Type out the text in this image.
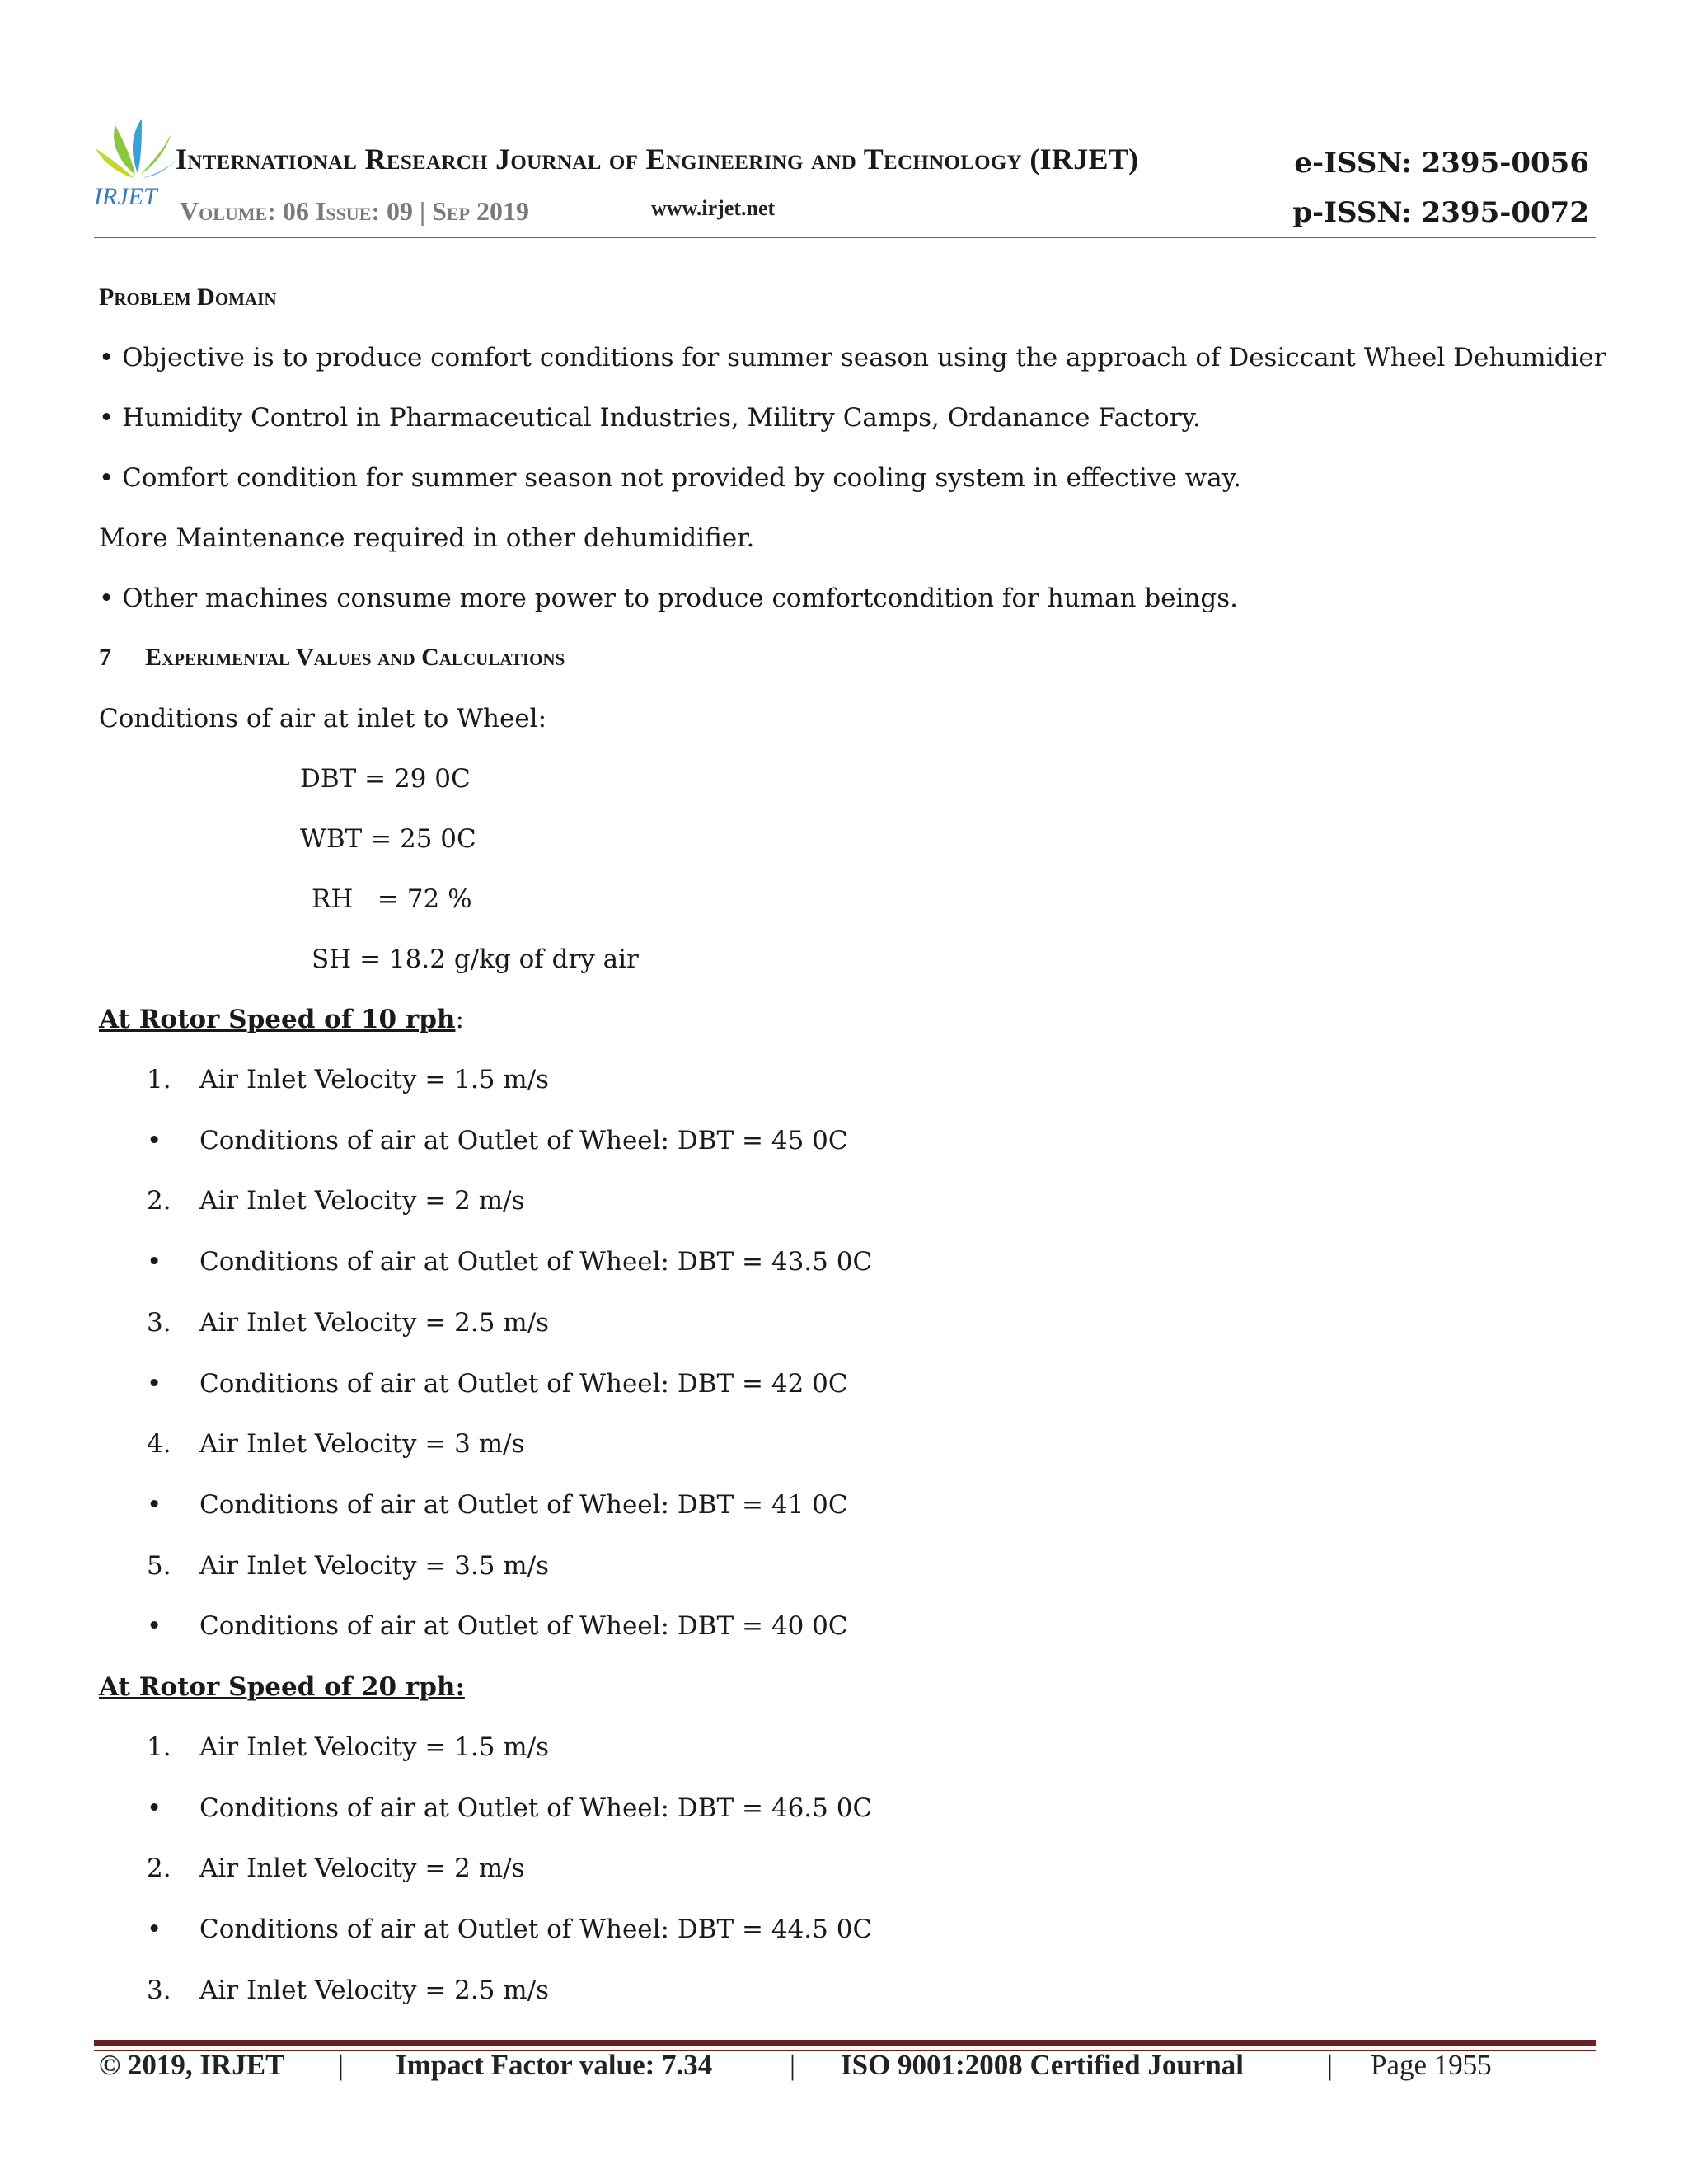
IRJET
International Research Journal of Engineering and Technology (IRJET)	e-ISSN: 2395-0056
Volume: 06 Issue: 09 | Sep 2019	www.irjet.net	p-ISSN: 2395-0072
Problem Domain
• Objective is to produce comfort conditions for summer season using the approach of Desiccant Wheel Dehumidier
• Humidity Control in Pharmaceutical Industries, Militry Camps, Ordanance Factory.
• Comfort condition for summer season not provided by cooling system in effective way.
More Maintenance required in other dehumidifier.
• Other machines consume more power to produce comfortcondition for human beings.
7 Experimental Values and Calculations
Conditions of air at inlet to Wheel:
DBT = 29 0C
WBT = 25 0C
RH   = 72 %
SH = 18.2 g/kg of dry air
At Rotor Speed of 10 rph:
1. Air Inlet Velocity = 1.5 m/s
• Conditions of air at Outlet of Wheel: DBT = 45 0C
2. Air Inlet Velocity = 2 m/s
• Conditions of air at Outlet of Wheel: DBT = 43.5 0C
3. Air Inlet Velocity = 2.5 m/s
• Conditions of air at Outlet of Wheel: DBT = 42 0C
4. Air Inlet Velocity = 3 m/s
• Conditions of air at Outlet of Wheel: DBT = 41 0C
5. Air Inlet Velocity = 3.5 m/s
• Conditions of air at Outlet of Wheel: DBT = 40 0C
At Rotor Speed of 20 rph:
1. Air Inlet Velocity = 1.5 m/s
• Conditions of air at Outlet of Wheel: DBT = 46.5 0C
2. Air Inlet Velocity = 2 m/s
• Conditions of air at Outlet of Wheel: DBT = 44.5 0C
3. Air Inlet Velocity = 2.5 m/s
© 2019, IRJET | Impact Factor value: 7.34	| ISO 9001:2008 Certified Journal	| Page 1955
